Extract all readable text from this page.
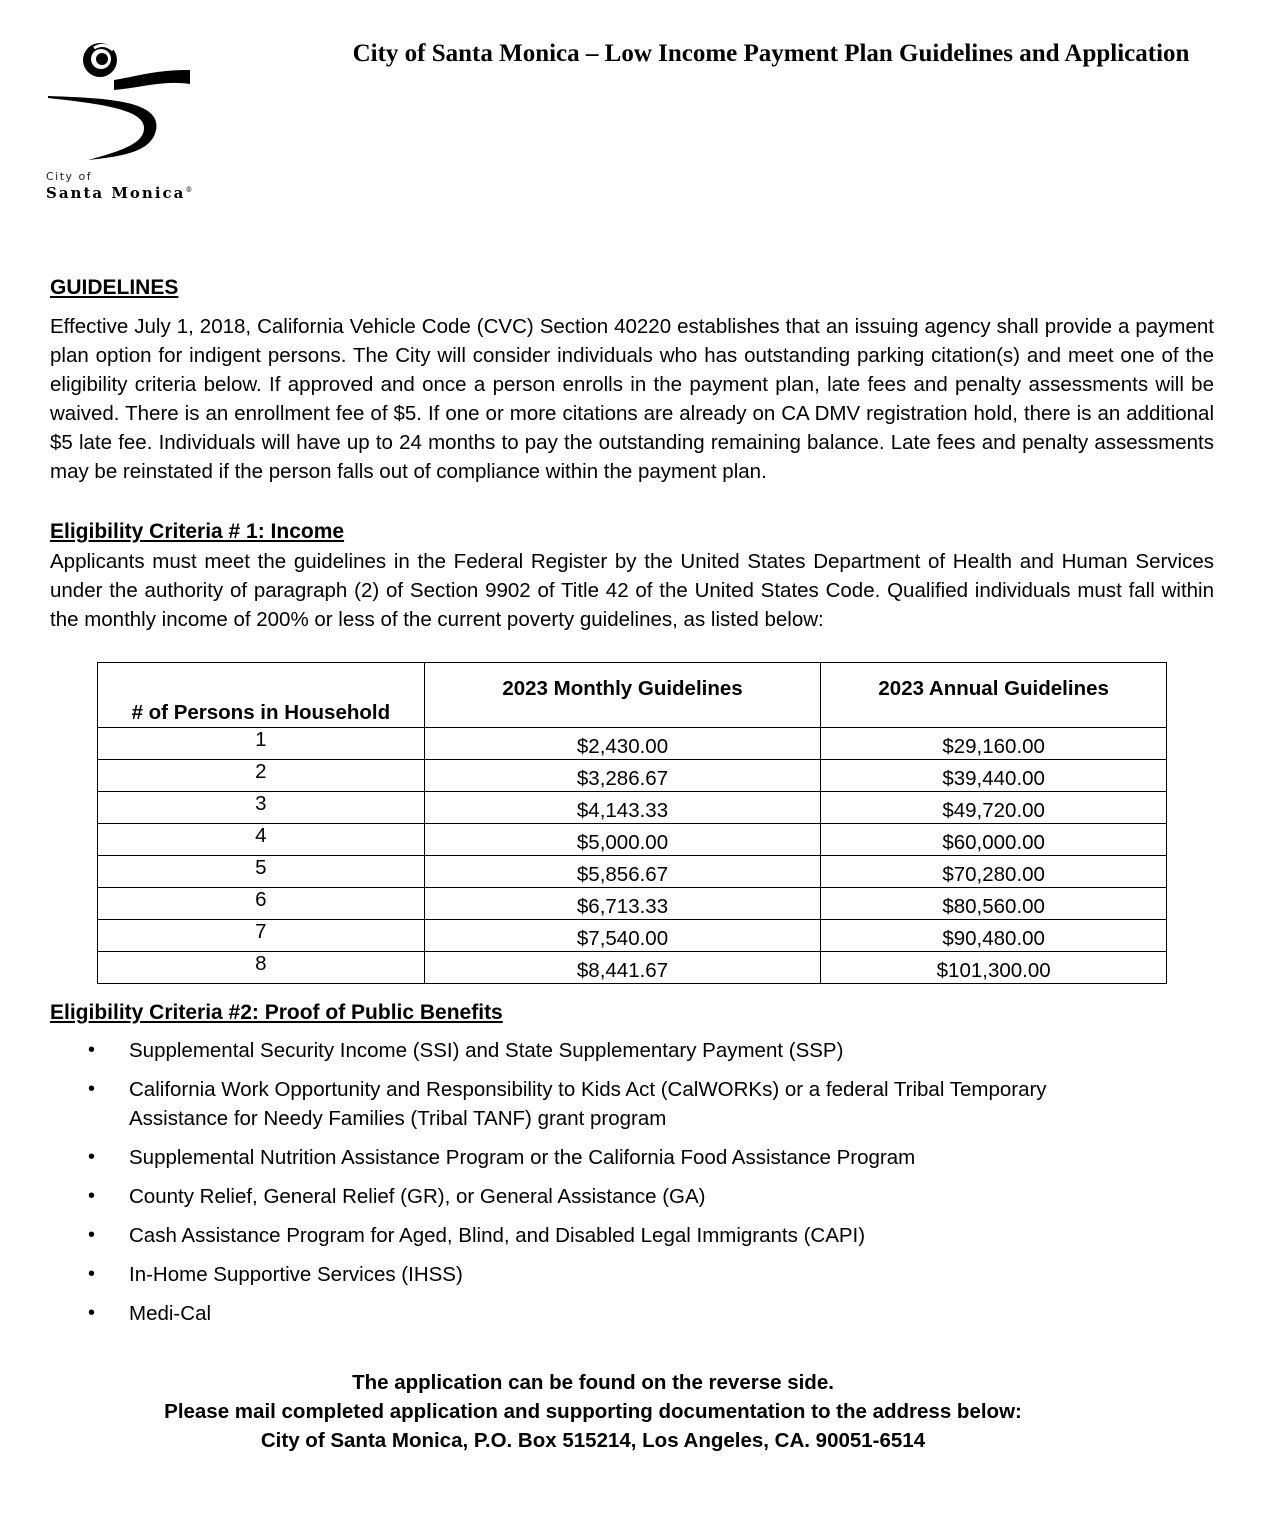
City of
Santa Monica®
City of Santa Monica – Low Income Payment Plan Guidelines and Application
GUIDELINES
Effective July 1, 2018, California Vehicle Code (CVC) Section 40220 establishes that an issuing agency shall provide a payment plan option for indigent persons. The City will consider individuals who has outstanding parking citation(s) and meet one of the eligibility criteria below. If approved and once a person enrolls in the payment plan, late fees and penalty assessments will be waived. There is an enrollment fee of $5. If one or more citations are already on CA DMV registration hold, there is an additional $5 late fee. Individuals will have up to 24 months to pay the outstanding remaining balance. Late fees and penalty assessments may be reinstated if the person falls out of compliance within the payment plan.
Eligibility Criteria # 1: Income
Applicants must meet the guidelines in the Federal Register by the United States Department of Health and Human Services under the authority of paragraph (2) of Section 9902 of Title 42 of the United States Code. Qualified individuals must fall within the monthly income of 200% or less of the current poverty guidelines, as listed below:
# of Persons in Household	2023 Monthly Guidelines	2023 Annual Guidelines
1	$2,430.00	$29,160.00
2	$3,286.67	$39,440.00
3	$4,143.33	$49,720.00
4	$5,000.00	$60,000.00
5	$5,856.67	$70,280.00
6	$6,713.33	$80,560.00
7	$7,540.00	$90,480.00
8	$8,441.67	$101,300.00
Eligibility Criteria #2: Proof of Public Benefits
• Supplemental Security Income (SSI) and State Supplementary Payment (SSP)
• California Work Opportunity and Responsibility to Kids Act (CalWORKs) or a federal Tribal Temporary Assistance for Needy Families (Tribal TANF) grant program
• Supplemental Nutrition Assistance Program or the California Food Assistance Program
• County Relief, General Relief (GR), or General Assistance (GA)
• Cash Assistance Program for Aged, Blind, and Disabled Legal Immigrants (CAPI)
• In-Home Supportive Services (IHSS)
• Medi-Cal
The application can be found on the reverse side.
Please mail completed application and supporting documentation to the address below:
City of Santa Monica, P.O. Box 515214, Los Angeles, CA. 90051-6514
